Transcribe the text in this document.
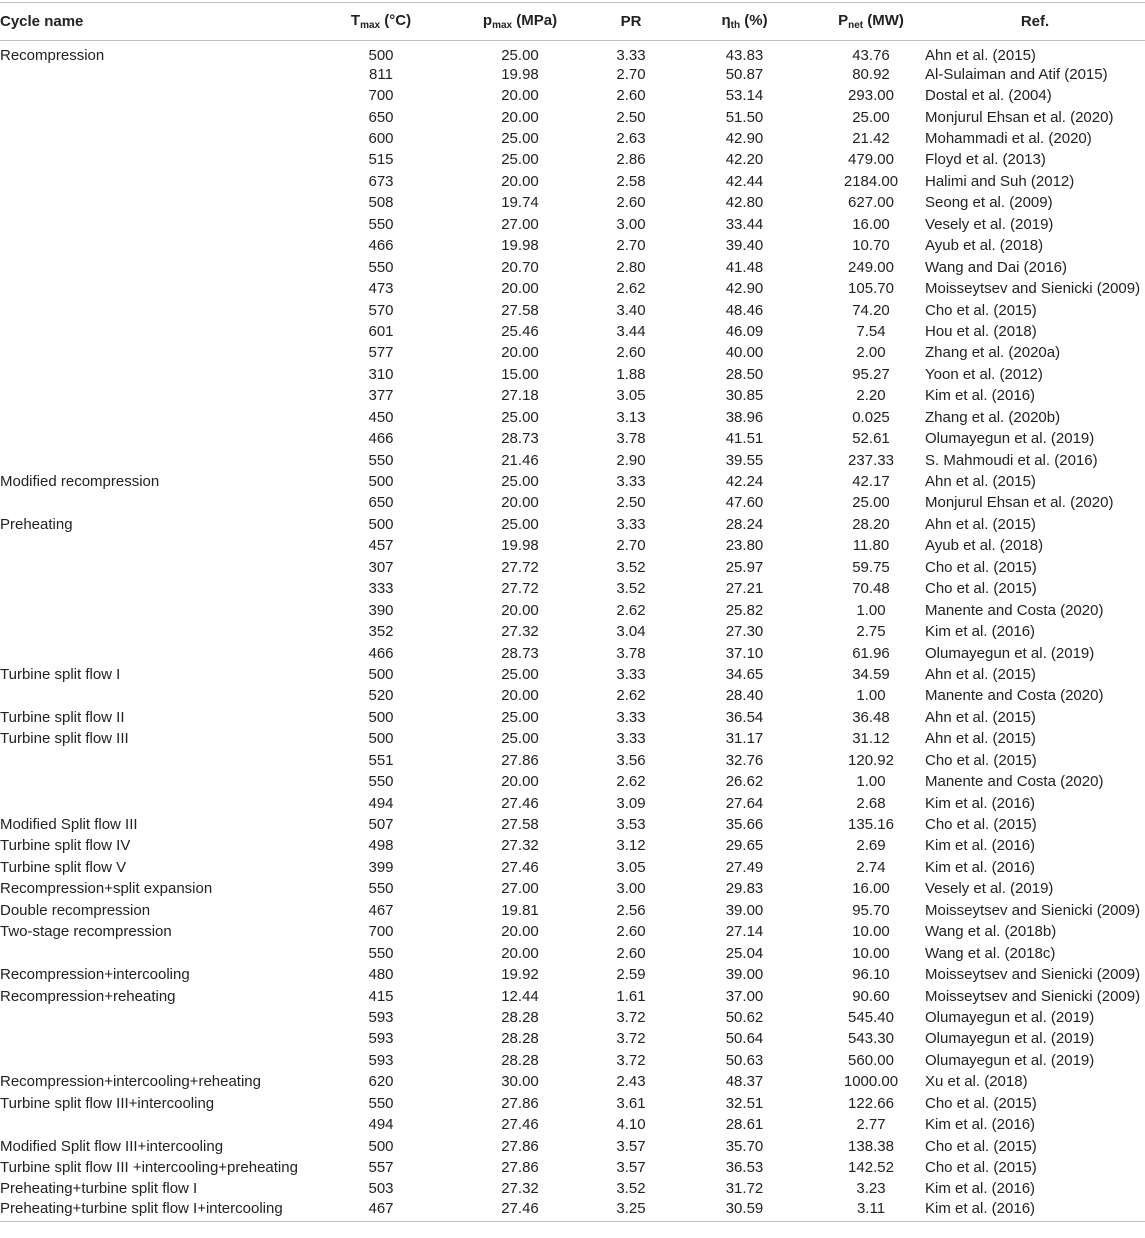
Cycle name	$T_{max}$ (°C)	$p_{max}$ (MPa)	PR	$\eta_{th}$ (%)	$P_{net}$ (MW)	Ref.
Recompression	500	25.00	3.33	43.83	43.76	Ahn et al. (2015)
	811	19.98	2.70	50.87	80.92	Al-Sulaiman and Atif (2015)
	700	20.00	2.60	53.14	293.00	Dostal et al. (2004)
	650	20.00	2.50	51.50	25.00	Monjurul Ehsan et al. (2020)
	600	25.00	2.63	42.90	21.42	Mohammadi et al. (2020)
	515	25.00	2.86	42.20	479.00	Floyd et al. (2013)
	673	20.00	2.58	42.44	2184.00	Halimi and Suh (2012)
	508	19.74	2.60	42.80	627.00	Seong et al. (2009)
	550	27.00	3.00	33.44	16.00	Vesely et al. (2019)
	466	19.98	2.70	39.40	10.70	Ayub et al. (2018)
	550	20.70	2.80	41.48	249.00	Wang and Dai (2016)
	473	20.00	2.62	42.90	105.70	Moisseytsev and Sienicki (2009)
	570	27.58	3.40	48.46	74.20	Cho et al. (2015)
	601	25.46	3.44	46.09	7.54	Hou et al. (2018)
	577	20.00	2.60	40.00	2.00	Zhang et al. (2020a)
	310	15.00	1.88	28.50	95.27	Yoon et al. (2012)
	377	27.18	3.05	30.85	2.20	Kim et al. (2016)
	450	25.00	3.13	38.96	0.025	Zhang et al. (2020b)
	466	28.73	3.78	41.51	52.61	Olumayegun et al. (2019)
	550	21.46	2.90	39.55	237.33	S. Mahmoudi et al. (2016)
Modified recompression	500	25.00	3.33	42.24	42.17	Ahn et al. (2015)
	650	20.00	2.50	47.60	25.00	Monjurul Ehsan et al. (2020)
Preheating	500	25.00	3.33	28.24	28.20	Ahn et al. (2015)
	457	19.98	2.70	23.80	11.80	Ayub et al. (2018)
	307	27.72	3.52	25.97	59.75	Cho et al. (2015)
	333	27.72	3.52	27.21	70.48	Cho et al. (2015)
	390	20.00	2.62	25.82	1.00	Manente and Costa (2020)
	352	27.32	3.04	27.30	2.75	Kim et al. (2016)
	466	28.73	3.78	37.10	61.96	Olumayegun et al. (2019)
Turbine split flow I	500	25.00	3.33	34.65	34.59	Ahn et al. (2015)
	520	20.00	2.62	28.40	1.00	Manente and Costa (2020)
Turbine split flow II	500	25.00	3.33	36.54	36.48	Ahn et al. (2015)
Turbine split flow III	500	25.00	3.33	31.17	31.12	Ahn et al. (2015)
	551	27.86	3.56	32.76	120.92	Cho et al. (2015)
	550	20.00	2.62	26.62	1.00	Manente and Costa (2020)
	494	27.46	3.09	27.64	2.68	Kim et al. (2016)
Modified Split flow III	507	27.58	3.53	35.66	135.16	Cho et al. (2015)
Turbine split flow IV	498	27.32	3.12	29.65	2.69	Kim et al. (2016)
Turbine split flow V	399	27.46	3.05	27.49	2.74	Kim et al. (2016)
Recompression+split expansion	550	27.00	3.00	29.83	16.00	Vesely et al. (2019)
Double recompression	467	19.81	2.56	39.00	95.70	Moisseytsev and Sienicki (2009)
Two-stage recompression	700	20.00	2.60	27.14	10.00	Wang et al. (2018b)
	550	20.00	2.60	25.04	10.00	Wang et al. (2018c)
Recompression+intercooling	480	19.92	2.59	39.00	96.10	Moisseytsev and Sienicki (2009)
Recompression+reheating	415	12.44	1.61	37.00	90.60	Moisseytsev and Sienicki (2009)
	593	28.28	3.72	50.62	545.40	Olumayegun et al. (2019)
	593	28.28	3.72	50.64	543.30	Olumayegun et al. (2019)
	593	28.28	3.72	50.63	560.00	Olumayegun et al. (2019)
Recompression+intercooling+reheating	620	30.00	2.43	48.37	1000.00	Xu et al. (2018)
Turbine split flow III+intercooling	550	27.86	3.61	32.51	122.66	Cho et al. (2015)
	494	27.46	4.10	28.61	2.77	Kim et al. (2016)
Modified Split flow III+intercooling	500	27.86	3.57	35.70	138.38	Cho et al. (2015)
Turbine split flow III +intercooling+preheating	557	27.86	3.57	36.53	142.52	Cho et al. (2015)
Preheating+turbine split flow I	503	27.32	3.52	31.72	3.23	Kim et al. (2016)
Preheating+turbine split flow I+intercooling	467	27.46	3.25	30.59	3.11	Kim et al. (2016)
